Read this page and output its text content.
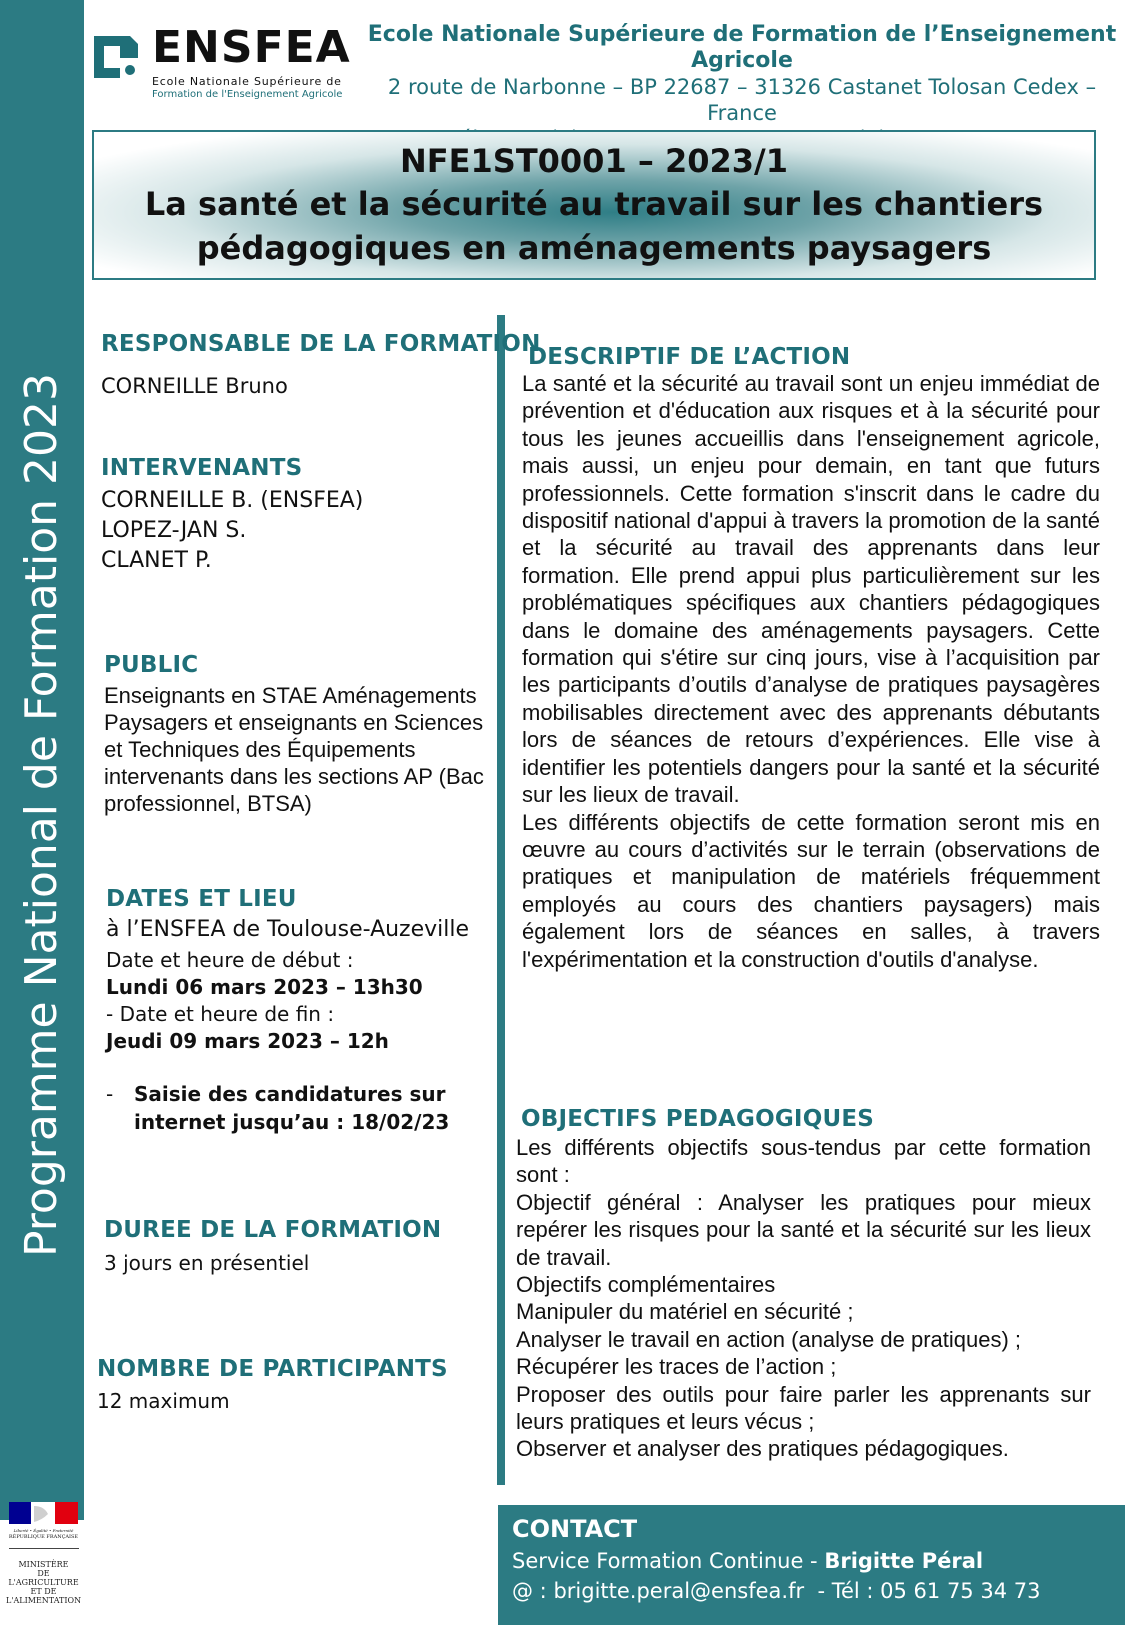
Programme National de Formation 2023
ENSFEA
Ecole Nationale Supérieure de
Formation de l'Enseignement Agricole
Ecole Nationale Supérieure de Formation de l’Enseignement Agricole
2 route de Narbonne – BP 22687 – 31326 Castanet Tolosan Cedex – France
NFE1ST0001 – 2023/1
La santé et la sécurité au travail sur les chantiers
pédagogiques en aménagements paysagers
RESPONSABLE DE LA FORMATION
CORNEILLE Bruno
INTERVENANTS
CORNEILLE B. (ENSFEA)
LOPEZ-JAN S.
CLANET P.
PUBLIC
Enseignants en STAE Aménagements
Paysagers et enseignants en Sciences
et Techniques des Équipements
intervenants dans les sections AP (Bac
professionnel, BTSA)
DATES ET LIEU
à l’ENSFEA de Toulouse-Auzeville
Date et heure de début :
Lundi 06 mars 2023 – 13h30
- Date et heure de fin :
Jeudi 09 mars 2023 – 12h
- Saisie des candidatures sur
internet jusqu’au : 18/02/23
DUREE DE LA FORMATION
3 jours en présentiel
NOMBRE DE PARTICIPANTS
12 maximum
DESCRIPTIF DE L’ACTION
La santé et la sécurité au travail sont un enjeu immédiat de prévention et d'éducation aux risques et à la sécurité pour tous les jeunes accueillis dans l'enseignement agricole, mais aussi, un enjeu pour demain, en tant que futurs professionnels. Cette formation s'inscrit dans le cadre du dispositif national d'appui à travers la promotion de la santé et la sécurité au travail des apprenants dans leur formation. Elle prend appui plus particulièrement sur les problématiques spécifiques aux chantiers pédagogiques dans le domaine des aménagements paysagers. Cette formation qui s'étire sur cinq jours, vise à l’acquisition par les participants d’outils d’analyse de pratiques paysagères mobilisables directement avec des apprenants débutants lors de séances de retours d’expériences. Elle vise à identifier les potentiels dangers pour la santé et la sécurité sur les lieux de travail.
Les différents objectifs de cette formation seront mis en œuvre au cours d’activités sur le terrain (observations de pratiques et manipulation de matériels fréquemment employés au cours des chantiers paysagers) mais également lors de séances en salles, à travers l'expérimentation et la construction d'outils d'analyse.
OBJECTIFS PEDAGOGIQUES

Les différents objectifs sous-tendus par cette formation sont :

Objectif général : Analyser les pratiques pour mieux repérer les risques pour la santé et la sécurité sur les lieux de travail.

Objectifs complémentaires

Manipuler du matériel en sécurité ;

Analyser le travail en action (analyse de pratiques) ;

Récupérer les traces de l’action ;

Proposer des outils pour faire parler les apprenants sur leurs pratiques et leurs vécus ;

Observer et analyser des pratiques pédagogiques.

Liberté • Égalité • Fraternité
RÉPUBLIQUE FRANÇAISE
MINISTÈRE
DE L'AGRICULTURE
ET DE
L'ALIMENTATION
CONTACT
Service Formation Continue - Brigitte Péral
@ : brigitte.peral@ensfea.fr  - Tél : 05 61 75 34 73
